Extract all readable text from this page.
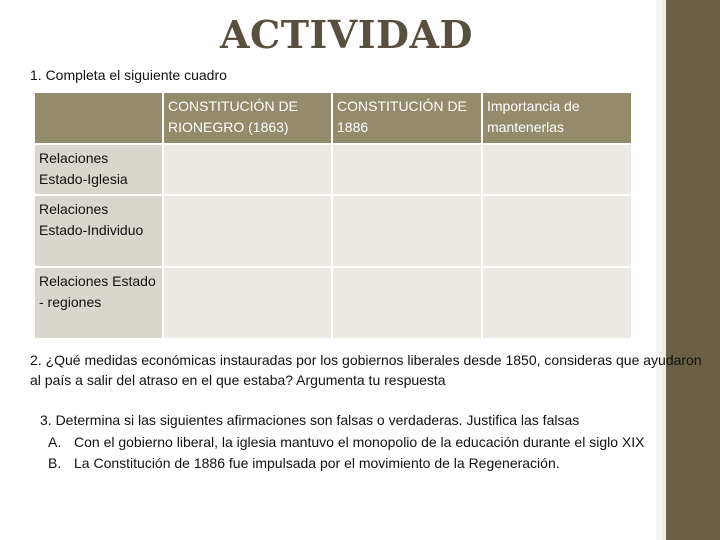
ACTIVIDAD
1. Completa el siguiente cuadro
	CONSTITUCIÓN DE RIONEGRO (1863)	CONSTITUCIÓN DE 1886	Importancia de mantenerlas
Relaciones Estado-Iglesia			
Relaciones Estado-Individuo			
Relaciones Estado - regiones			
2. ¿Qué medidas económicas instauradas por los gobiernos liberales desde 1850, consideras que ayudaron al país a salir del atraso en el que estaba? Argumenta tu respuesta
3. Determina si las siguientes afirmaciones son falsas o verdaderas. Justifica las falsas
A. Con el gobierno liberal, la iglesia mantuvo el monopolio de la educación durante el siglo XIX
B. La Constitución de 1886 fue impulsada por el movimiento de la Regeneración.
